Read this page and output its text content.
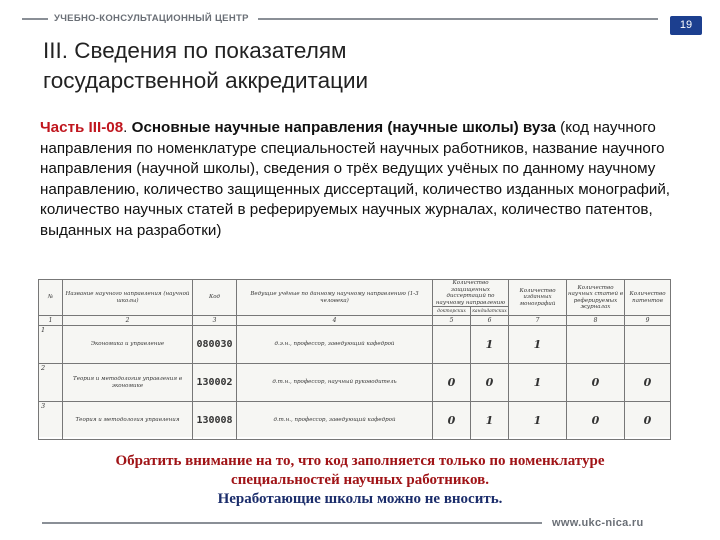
УЧЕБНО-КОНСУЛЬТАЦИОННЫЙ ЦЕНТР
19
III. Сведения по показателям
государственной аккредитации
Часть III-08. Основные научные направления (научные школы) вуза (код научного направления по номенклатуре специальностей научных работников, название научного направления (научной школы), сведения о трёх ведущих учёных по данному научному направлению, количество защищенных диссертаций, количество изданных монографий, количество научных статей в реферируемых научных журналах, количество патентов, выданных на разработки)
№	Название научного направления (научной школы)	Код	Ведущие учёные по данному научному направлению (1-3 человека)	Количество защищенных диссертаций по научному направлению		Количество изданных монографий	Количество научных статей в реферируемых журналах	Количество патентов
				докторских	кандидатских			
1	2	3	4	5	6	7	8	9
1	Экономика и управление	080030	д.э.н., профессор, заведующий кафедрой		1	1		
2	Теория и методология управления в экономике	130002	д.т.н., профессор, научный руководитель	0	0	1	0	0
3	Теория и методология управления	130008	д.т.н., профессор, заведующий кафедрой	0	1	1	0	0
Обратить внимание на то, что код заполняется только по номенклатуре
специальностей научных работников.
Неработающие школы можно не вносить.
www.ukc-nica.ru
